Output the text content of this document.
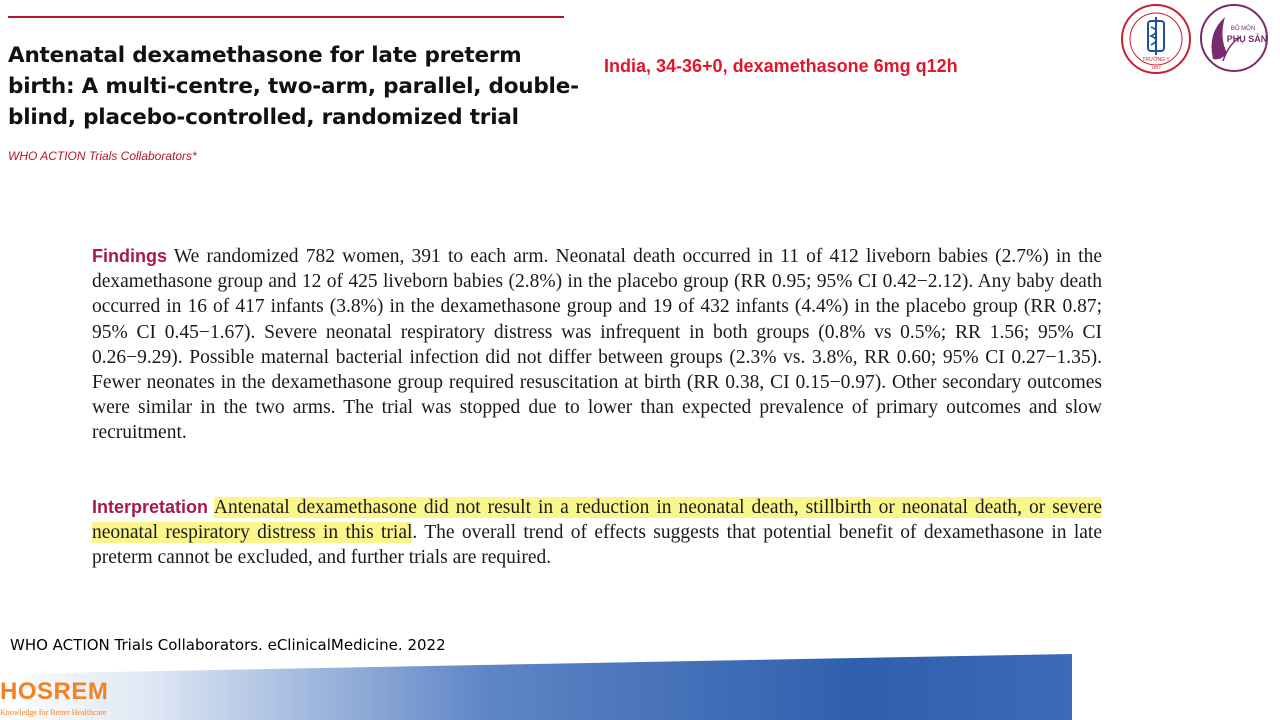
Antenatal dexamethasone for late preterm birth: A multi-centre, two-arm, parallel, double-blind, placebo-controlled, randomized trial
WHO ACTION Trials Collaborators*
India, 34-36+0, dexamethasone 6mg q12h	TRƯỜNG Y
1947
BỘ MÔN
PHỤ SẢN

Findings We randomized 782 women, 391 to each arm. Neonatal death occurred in 11 of 412 liveborn babies (2.7%) in the dexamethasone group and 12 of 425 liveborn babies (2.8%) in the placebo group (RR 0.95; 95% CI 0.42−2.12). Any baby death occurred in 16 of 417 infants (3.8%) in the dexamethasone group and 19 of 432 infants (4.4%) in the placebo group (RR 0.87; 95% CI 0.45−1.67). Severe neonatal respiratory distress was infrequent in both groups (0.8% vs 0.5%; RR 1.56; 95% CI 0.26−9.29). Possible maternal bacterial infection did not differ between groups (2.3% vs. 3.8%, RR 0.60; 95% CI 0.27−1.35). Fewer neonates in the dexamethasone group required resuscitation at birth (RR 0.38, CI 0.15−0.97). Other secondary outcomes were similar in the two arms. The trial was stopped due to lower than expected prevalence of primary outcomes and slow recruitment.

Interpretation Antenatal dexamethasone did not result in a reduction in neonatal death, stillbirth or neonatal death, or severe neonatal respiratory distress in this trial. The overall trend of effects suggests that potential benefit of dexamethasone in late preterm cannot be excluded, and further trials are required.

WHO ACTION Trials Collaborators. eClinicalMedicine. 2022
HOSREM
Knowledge for Better Healthcare
